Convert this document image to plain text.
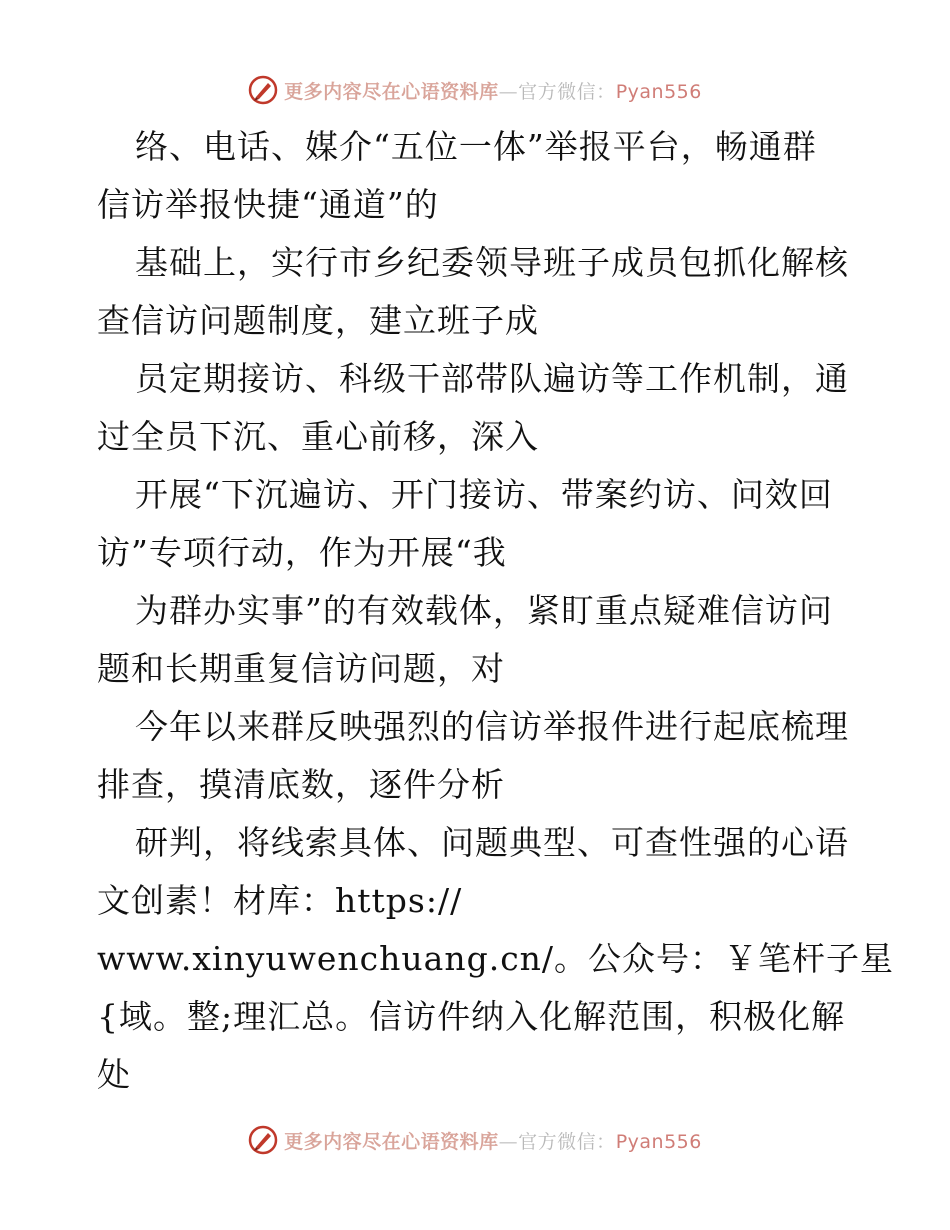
更多内容尽在心语资料库—官方微信：Pyan556
络、电话、媒介“五位一体”举报平台，畅通群
信访举报快捷“通道”的
基础上，实行市乡纪委领导班子成员包抓化解核
查信访问题制度，建立班子成
员定期接访、科级干部带队遍访等工作机制，通
过全员下沉、重心前移，深入
开展“下沉遍访、开门接访、带案约访、问效回
访”专项行动，作为开展“我
为群办实事”的有效载体，紧盯重点疑难信访问
题和长期重复信访问题，对
今年以来群反映强烈的信访举报件进行起底梳理
排查，摸清底数，逐件分析
研判，将线索具体、问题典型、可查性强的心语
文创素！材库：https://
www.xinyuwenchuang.cn/。公众号：￥笔杆子星
{域。整;理汇总。信访件纳入化解范围，积极化解
处
更多内容尽在心语资料库—官方微信：Pyan556
